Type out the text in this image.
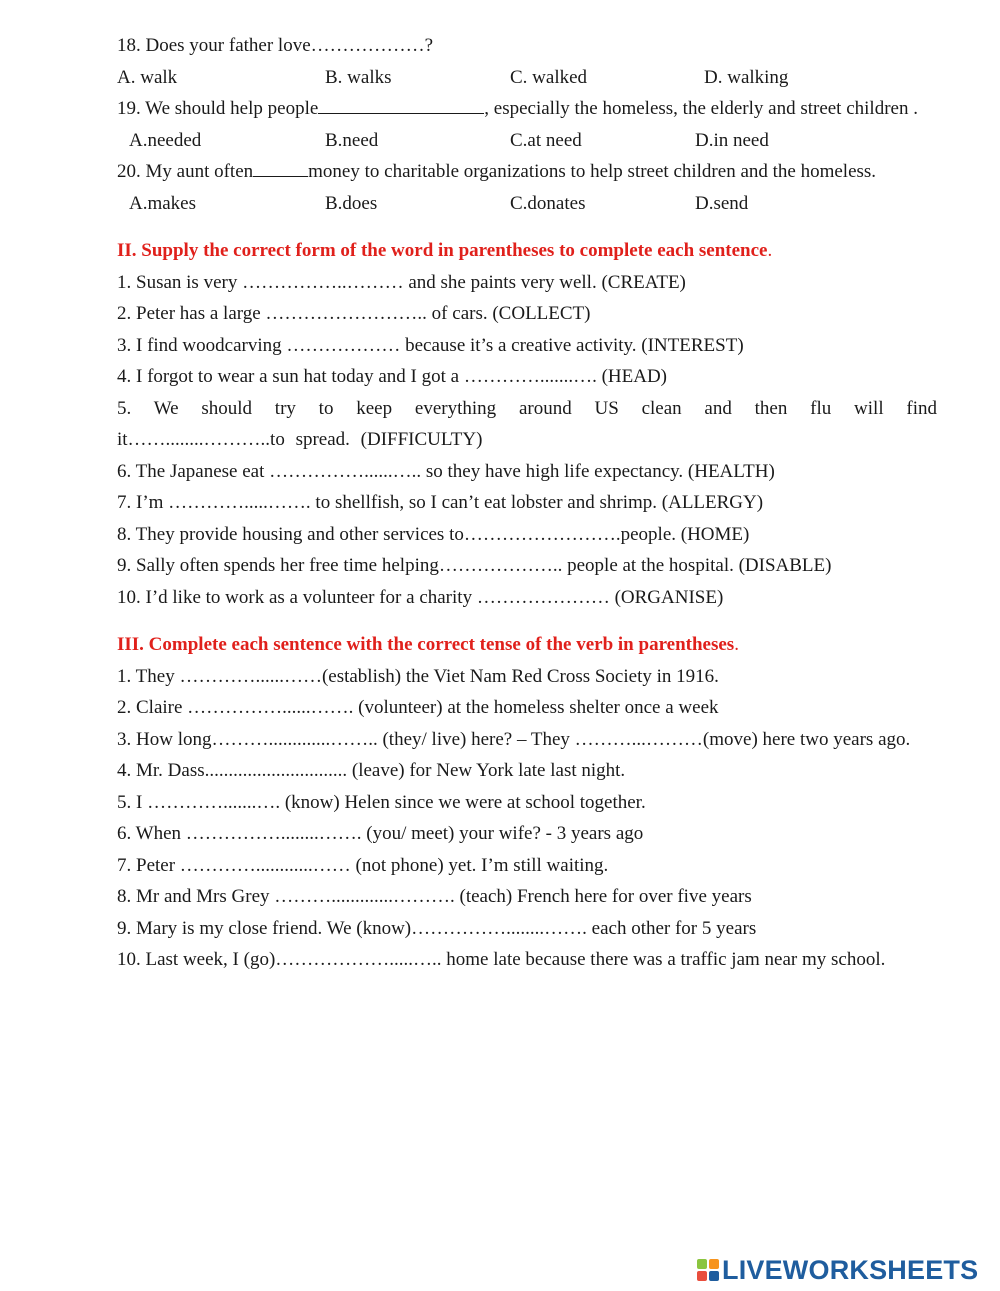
18. Does your father love………………?
A. walk	B. walks	C. walked	D. walking
19. We should help people	, especially the homeless, the elderly and street children .
A.needed	B.need	C.at need	D.in need
20. My aunt often	money to charitable organizations to help street children and the homeless.
A.makes	B.does	C.donates	D.send
II. Supply the correct form of the word in parentheses to complete each sentence.
1. Susan is very ……………..……… and she paints very well. (CREATE)
2. Peter has a large …………………….. of cars. (COLLECT)
3. I find woodcarving ……………… because it’s a creative activity. (INTEREST)
4. I forgot to wear a sun hat today and I got a ………….......…. (HEAD)
5. We should try to keep everything around US clean and then flu will find it……........………..to spread. (DIFFICULTY)
6. The Japanese eat ……………......….. so they have high life expectancy. (HEALTH)
7. I’m ………….....……. to shellfish, so I can’t eat lobster and shrimp. (ALLERGY)
8. They provide housing and other services to…………………….people. (HOME)
9. Sally often spends her free time helping……………….. people at the hospital. (DISABLE)
10. I’d like to work as a volunteer for a charity ………………… (ORGANISE)
III. Complete each sentence with the correct tense of the verb in parentheses.
1. They …………......……(establish) the Viet Nam Red Cross Society in 1916.
2. Claire ……………......……. (volunteer) at the homeless shelter once a week
3. How long……….............…….. (they/ live) here? – They ………...………(move) here two years ago.
4. Mr. Dass.............................. (leave) for New York late last night.
5. I ………….......…. (know) Helen since we were at school together.
6. When ……………........……. (you/ meet) your wife? - 3 years ago
7. Peter …………............…… (not phone) yet. I’m still waiting.
8. Mr and Mrs Grey ……….............………. (teach) French here for over five years
9. Mary is my close friend. We (know)……………........……. each other for 5 years
10. Last week, I (go)……………….....….. home late because there was a traffic jam near my school.
LIVEWORKSHEETS
